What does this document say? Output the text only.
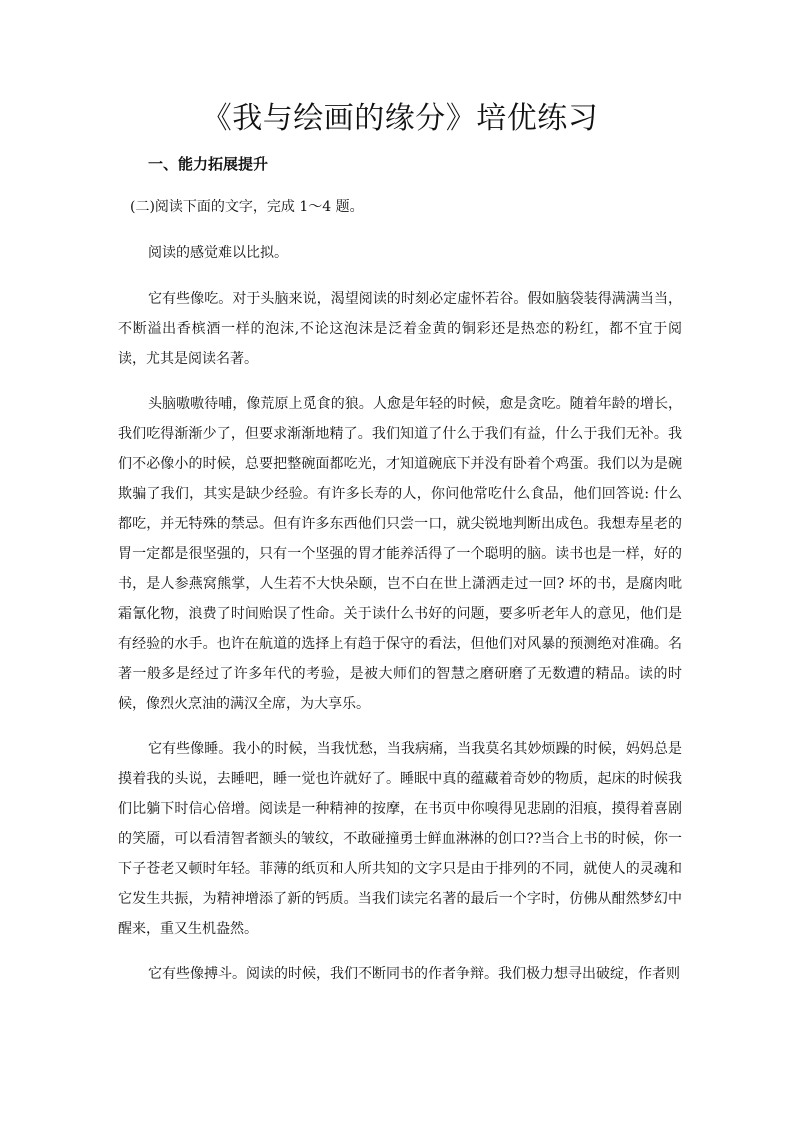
《我与绘画的缘分》培优练习
一、能力拓展提升
(二)阅读下面的文字，完成 1～4 题。

阅读的感觉难以比拟。

它有些像吃。对于头脑来说，渴望阅读的时刻必定虚怀若谷。假如脑袋装得满满当当，不断溢出香槟酒一样的泡沫,不论这泡沫是泛着金黄的铜彩还是热恋的粉红，都不宜于阅读，尤其是阅读名著。

头脑嗷嗷待哺，像荒原上觅食的狼。人愈是年轻的时候，愈是贪吃。随着年龄的增长，我们吃得渐渐少了，但要求渐渐地精了。我们知道了什么于我们有益，什么于我们无补。我们不必像小的时候，总要把整碗面都吃光，才知道碗底下并没有卧着个鸡蛋。我们以为是碗欺骗了我们，其实是缺少经验。有许多长寿的人，你问他常吃什么食品，他们回答说: 什么都吃，并无特殊的禁忌。但有许多东西他们只尝一口，就尖锐地判断出成色。我想寿星老的胃一定都是很坚强的，只有一个坚强的胃才能养活得了一个聪明的脑。读书也是一样，好的书，是人参燕窝熊掌，人生若不大快朵颐，岂不白在世上潇洒走过一回? 坏的书，是腐肉吡霜氰化物，浪费了时间贻误了性命。关于读什么书好的问题，要多听老年人的意见，他们是有经验的水手。也许在航道的选择上有趋于保守的看法，但他们对风暴的预测绝对准确。名著一般多是经过了许多年代的考验，是被大师们的智慧之磨研磨了无数遭的精品。读的时候，像烈火烹油的满汉全席，为大享乐。

它有些像睡。我小的时候，当我忧愁，当我病痛，当我莫名其妙烦躁的时候，妈妈总是摸着我的头说，去睡吧，睡一觉也许就好了。睡眠中真的蕴藏着奇妙的物质，起床的时候我们比躺下时信心倍增。阅读是一种精神的按摩，在书页中你嗅得见悲剧的泪痕，摸得着喜剧的笑靥，可以看清智者额头的皱纹，不敢碰撞勇士鲜血淋淋的创口??当合上书的时候，你一下子苍老又顿时年轻。菲薄的纸页和人所共知的文字只是由于排列的不同，就使人的灵魂和它发生共振，为精神增添了新的钙质。当我们读完名著的最后一个字时，仿佛从酣然梦幻中醒来，重又生机盎然。

它有些像搏斗。阅读的时候，我们不断同书的作者争辩。我们极力想寻出破绽，作者则
